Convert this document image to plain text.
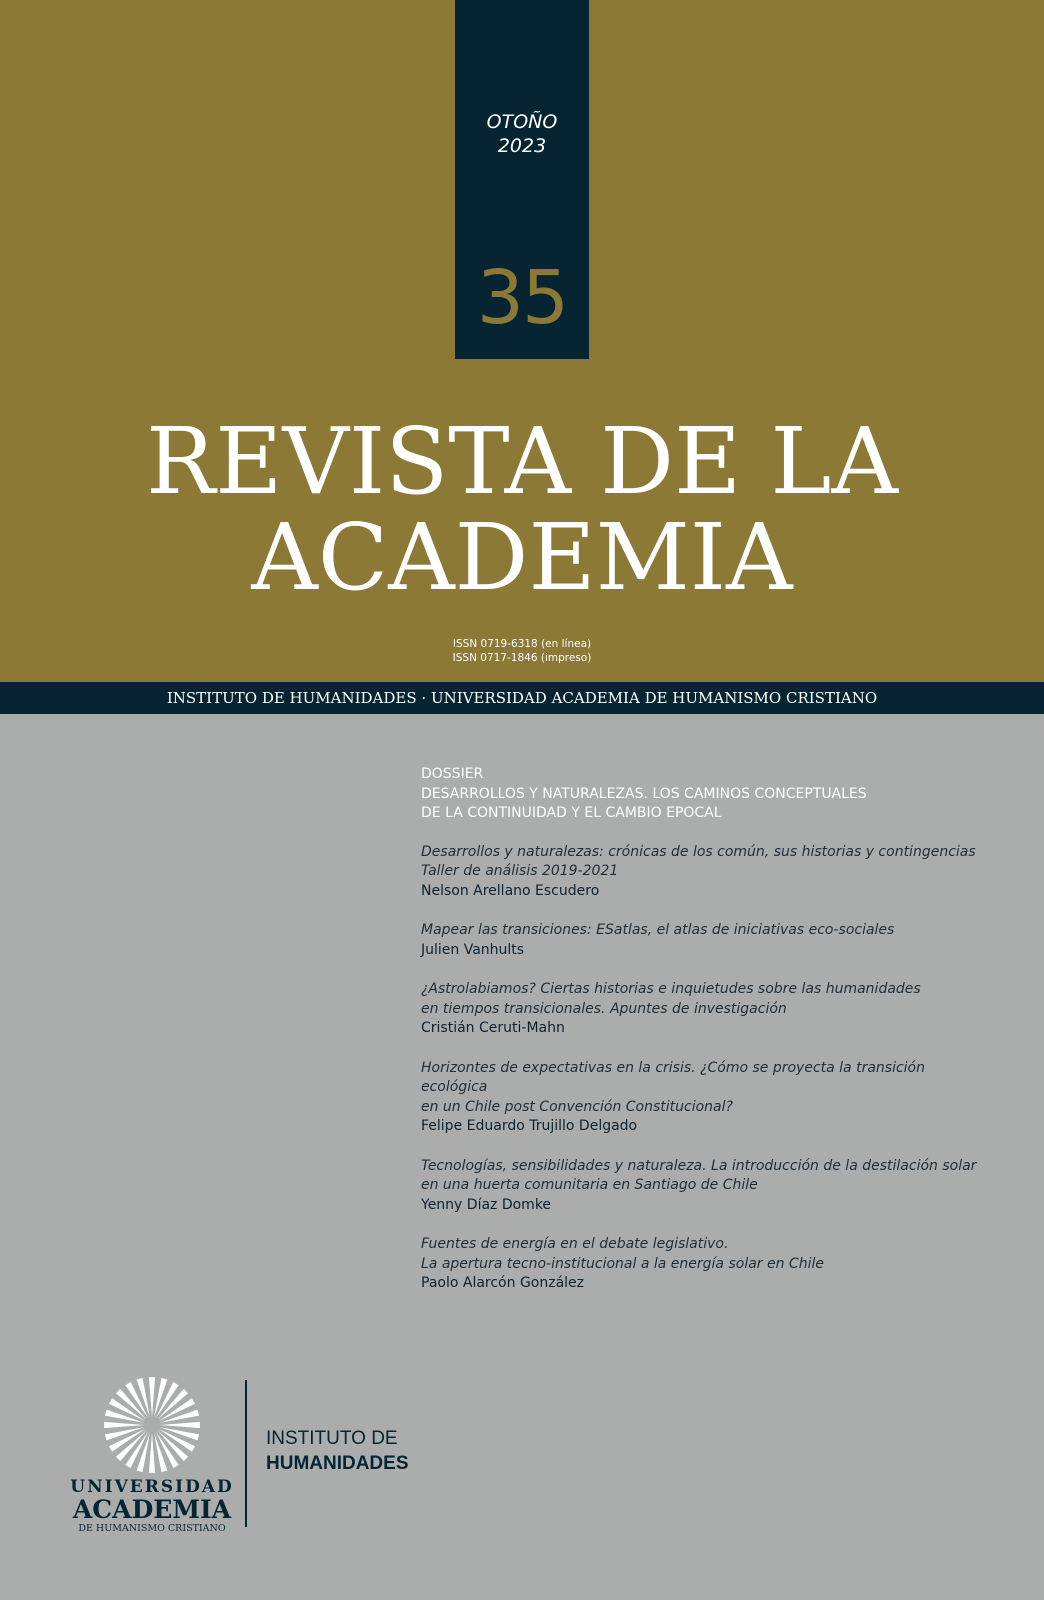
OTOÑO
2023
35
REVISTA DE LA
ACADEMIA
ISSN 0719-6318 (en línea)
ISSN 0717-1846 (impreso)
INSTITUTO DE HUMANIDADES · UNIVERSIDAD ACADEMIA DE HUMANISMO CRISTIANO
DOSSIER
DESARROLLOS Y NATURALEZAS. LOS CAMINOS CONCEPTUALES
DE LA CONTINUIDAD Y EL CAMBIO EPOCAL
Desarrollos y naturalezas: crónicas de los común, sus historias y contingencias
Taller de análisis 2019-2021
Nelson Arellano Escudero
Mapear las transiciones: ESatlas, el atlas de iniciativas eco-sociales
Julien Vanhults
¿Astrolabiamos? Ciertas historias e inquietudes sobre las humanidades
en tiempos transicionales. Apuntes de investigación
Cristián Ceruti-Mahn
Horizontes de expectativas en la crisis. ¿Cómo se proyecta la transición ecológica
en un Chile post Convención Constitucional?
Felipe Eduardo Trujillo Delgado
Tecnologías, sensibilidades y naturaleza. La introducción de la destilación solar
en una huerta comunitaria en Santiago de Chile
Yenny Díaz Domke
Fuentes de energía en el debate legislativo.
La apertura tecno-institucional a la energía solar en Chile
Paolo Alarcón González
UNIVERSIDAD
ACADEMIA
DE HUMANISMO CRISTIANO
INSTITUTO DE
HUMANIDADES
